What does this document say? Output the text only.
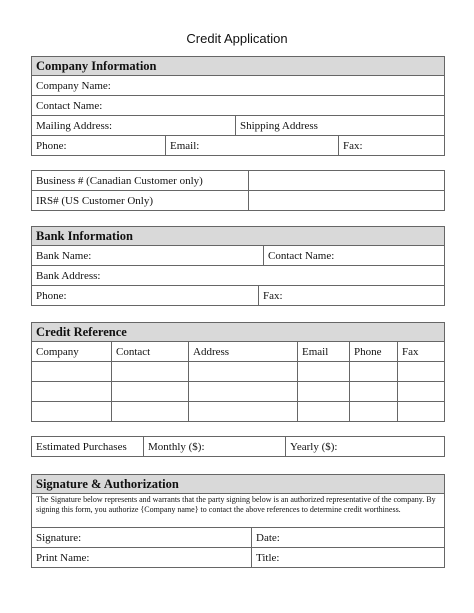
Credit Application
Company Information			
Company Name:			
Contact Name:			
Mailing Address:		Shipping Address	
Phone:	Email:		Fax:
Business # (Canadian Customer only)	
IRS# (US Customer Only)	
Bank Information		
Bank Name:		Contact Name:
Bank Address:		
Phone:	Fax:	
Credit Reference					
Company	Contact	Address	Email	Phone	Fax

Estimated Purchases	Monthly ($):	Yearly ($):
Signature & Authorization	
The Signature below represents and warrants that the party signing below is an authorized representative of the company. By signing this form, you authorize {Company name} to contact the above references to determine credit worthiness.	
Signature:	Date:
Print Name:	Title:
